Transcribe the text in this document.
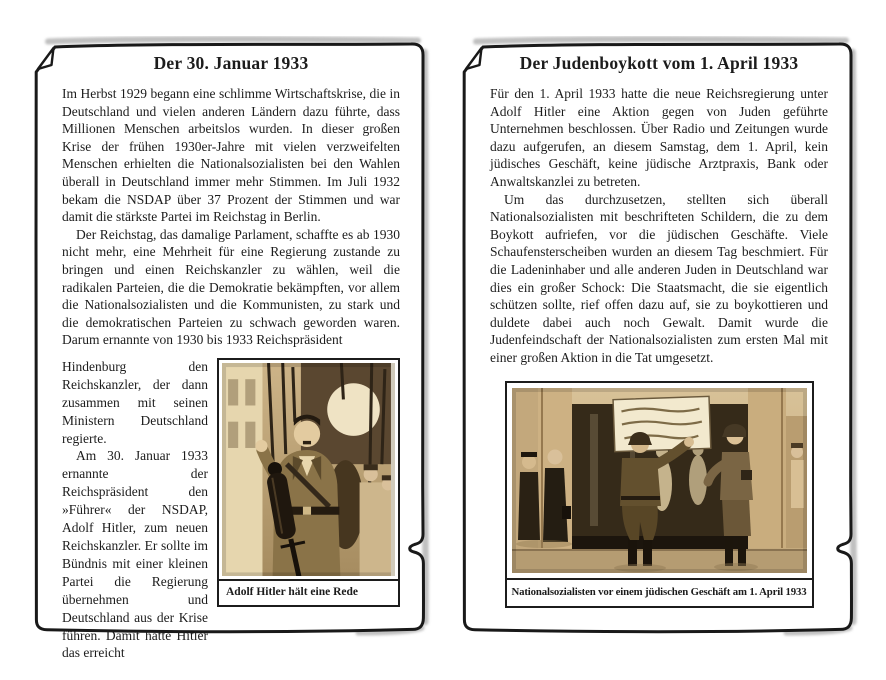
Der 30. Januar 1933

Im Herbst 1929 begann eine schlimme Wirtschaftskrise, die in Deutschland und vielen anderen Ländern dazu führte, dass Millionen Menschen arbeitslos wurden. In dieser großen Krise der frühen 1930er-Jahre mit vielen verzweifelten Menschen erhielten die Nationalsozialisten bei den Wahlen überall in Deutschland immer mehr Stimmen. Im Juli 1932 bekam die NSDAP über 37 Prozent der Stimmen und war damit die stärkste Partei im Reichstag in Berlin.

Der Reichstag, das damalige Parlament, schaffte es ab 1930 nicht mehr, eine Mehrheit für eine Regierung zustande zu bringen und einen Reichskanzler zu wählen, weil die radikalen Parteien, die die Demokratie bekämpften, vor allem die Nationalsozialisten und die Kommunisten, zu stark und die demokratischen Parteien zu schwach geworden waren. Darum ernannte von 1930 bis 1933 Reichspräsident

Hindenburg den Reichskanzler, der dann zusammen mit seinen Ministern Deutschland regierte.

Am 30. Januar 1933 ernannte der Reichspräsident den »Führer« der NSDAP, Adolf Hitler, zum neuen Reichskanzler. Er sollte im Bündnis mit einer kleinen Partei die Regierung übernehmen und Deutschland aus der Krise führen. Damit hatte Hitler das erreicht

Adolf Hitler hält eine Rede
Der Judenboykott vom 1. April 1933

Für den 1. April 1933 hatte die neue Reichsregierung unter Adolf Hitler eine Aktion gegen von Juden geführte Unternehmen beschlossen. Über Radio und Zeitungen wurde dazu aufgerufen, an diesem Samstag, dem 1. April, kein jüdisches Geschäft, keine jüdische Arztpraxis, Bank oder Anwaltskanzlei zu betreten.

Um das durchzusetzen, stellten sich überall Nationalsozialisten mit beschrifteten Schildern, die zu dem Boykott aufriefen, vor die jüdischen Geschäfte. Viele Schaufensterscheiben wurden an diesem Tag beschmiert. Für die Ladeninhaber und alle anderen Juden in Deutschland war dies ein großer Schock: Die Staatsmacht, die sie eigentlich schützen sollte, rief offen dazu auf, sie zu boykottieren und duldete dabei auch noch Gewalt. Damit wurde die Judenfeindschaft der Nationalsozialisten zum ersten Mal mit einer großen Aktion in die Tat umgesetzt.

Nationalsozialisten vor einem jüdischen Geschäft am 1. April 1933
